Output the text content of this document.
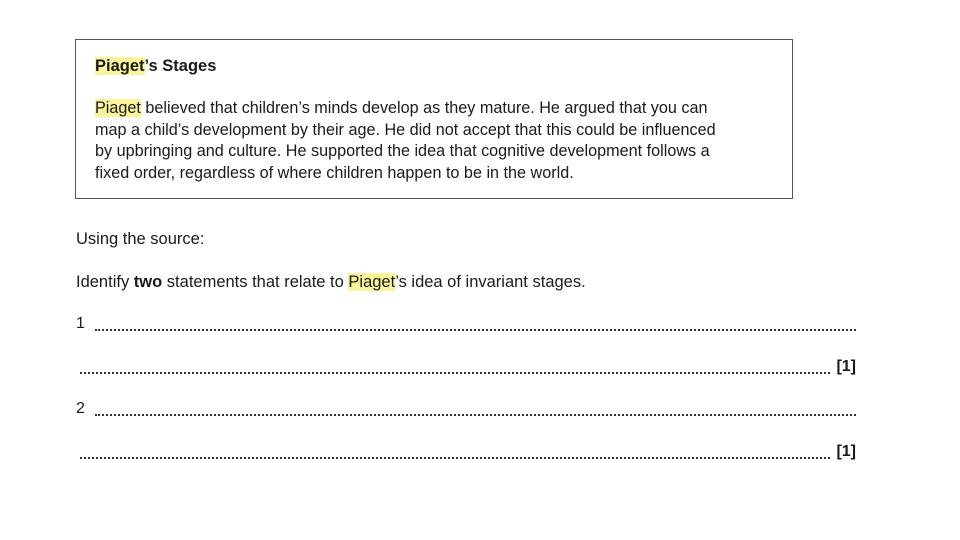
Piaget’s Stages
Piaget believed that children’s minds develop as they mature. He argued that you can
map a child’s development by their age. He did not accept that this could be influenced
by upbringing and culture. He supported the idea that cognitive development follows a
fixed order, regardless of where children happen to be in the world.
Using the source:
Identify two statements that relate to Piaget’s idea of invariant stages.
1
[1]
2
[1]
